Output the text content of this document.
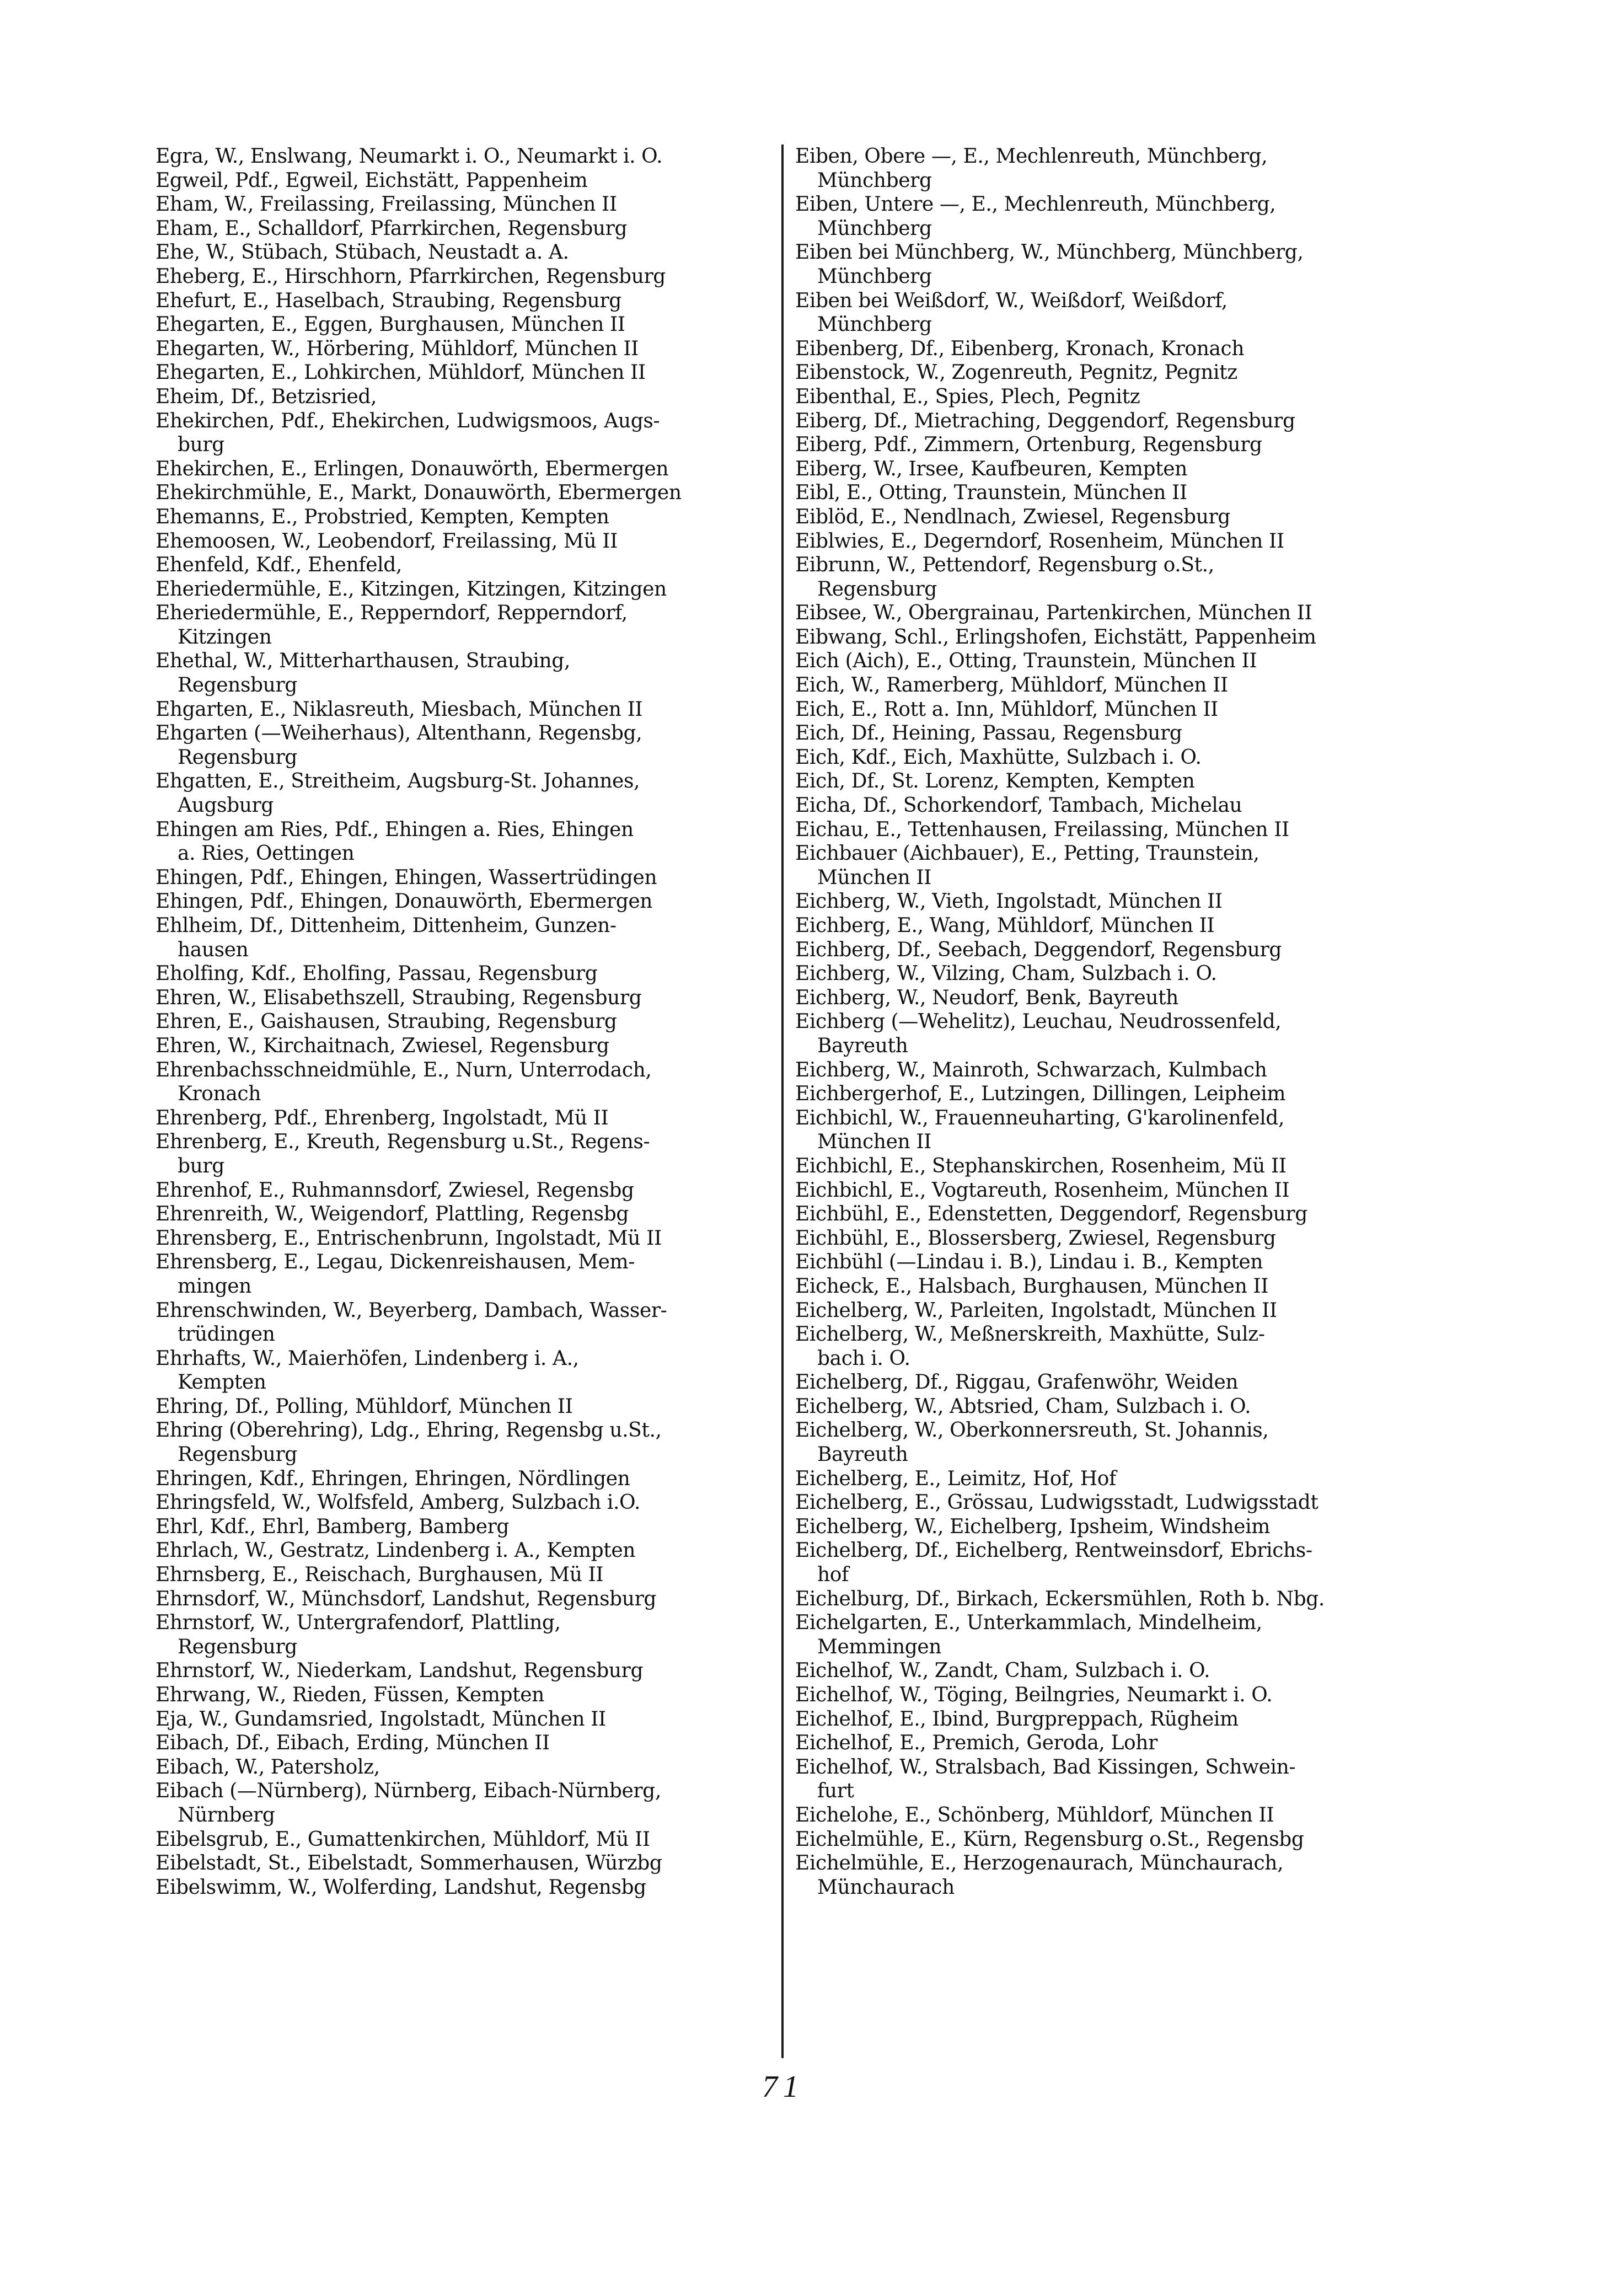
Egra, W., Enslwang, Neumarkt i. O., Neumarkt i. O.
Egweil, Pdf., Egweil, Eichstätt, Pappenheim
Eham, W., Freilassing, Freilassing, München II
Eham, E., Schalldorf, Pfarrkirchen, Regensburg
Ehe, W., Stübach, Stübach, Neustadt a. A.
Eheberg, E., Hirschhorn, Pfarrkirchen, Regensburg
Ehefurt, E., Haselbach, Straubing, Regensburg
Ehegarten, E., Eggen, Burghausen, München II
Ehegarten, W., Hörbering, Mühldorf, München II
Ehegarten, E., Lohkirchen, Mühldorf, München II
Eheim, Df., Betzisried,
Ehekirchen, Pdf., Ehekirchen, Ludwigsmoos, Augs-
burg
Ehekirchen, E., Erlingen, Donauwörth, Ebermergen
Ehekirchmühle, E., Markt, Donauwörth, Ebermergen
Ehemanns, E., Probstried, Kempten, Kempten
Ehemoosen, W., Leobendorf, Freilassing, Mü II
Ehenfeld, Kdf., Ehenfeld,
Eheriedermühle, E., Kitzingen, Kitzingen, Kitzingen
Eheriedermühle, E., Repperndorf, Repperndorf,
Kitzingen
Ehethal, W., Mitterharthausen, Straubing,
Regensburg
Ehgarten, E., Niklasreuth, Miesbach, München II
Ehgarten (—Weiherhaus), Altenthann, Regensbg,
Regensburg
Ehgatten, E., Streitheim, Augsburg-St. Johannes,
Augsburg
Ehingen am Ries, Pdf., Ehingen a. Ries, Ehingen
a. Ries, Oettingen
Ehingen, Pdf., Ehingen, Ehingen, Wassertrüdingen
Ehingen, Pdf., Ehingen, Donauwörth, Ebermergen
Ehlheim, Df., Dittenheim, Dittenheim, Gunzen-
hausen
Eholfing, Kdf., Eholfing, Passau, Regensburg
Ehren, W., Elisabethszell, Straubing, Regensburg
Ehren, E., Gaishausen, Straubing, Regensburg
Ehren, W., Kirchaitnach, Zwiesel, Regensburg
Ehrenbachsschneidmühle, E., Nurn, Unterrodach,
Kronach
Ehrenberg, Pdf., Ehrenberg, Ingolstadt, Mü II
Ehrenberg, E., Kreuth, Regensburg u.St., Regens-
burg
Ehrenhof, E., Ruhmannsdorf, Zwiesel, Regensbg
Ehrenreith, W., Weigendorf, Plattling, Regensbg
Ehrensberg, E., Entrischenbrunn, Ingolstadt, Mü II
Ehrensberg, E., Legau, Dickenreishausen, Mem-
mingen
Ehrenschwinden, W., Beyerberg, Dambach, Wasser-
trüdingen
Ehrhafts, W., Maierhöfen, Lindenberg i. A.,
Kempten
Ehring, Df., Polling, Mühldorf, München II
Ehring (Oberehring), Ldg., Ehring, Regensbg u.St.,
Regensburg
Ehringen, Kdf., Ehringen, Ehringen, Nördlingen
Ehringsfeld, W., Wolfsfeld, Amberg, Sulzbach i.O.
Ehrl, Kdf., Ehrl, Bamberg, Bamberg
Ehrlach, W., Gestratz, Lindenberg i. A., Kempten
Ehrnsberg, E., Reischach, Burghausen, Mü II
Ehrnsdorf, W., Münchsdorf, Landshut, Regensburg
Ehrnstorf, W., Untergrafendorf, Plattling,
Regensburg
Ehrnstorf, W., Niederkam, Landshut, Regensburg
Ehrwang, W., Rieden, Füssen, Kempten
Eja, W., Gundamsried, Ingolstadt, München II
Eibach, Df., Eibach, Erding, München II
Eibach, W., Patersholz,
Eibach (—Nürnberg), Nürnberg, Eibach-Nürnberg,
Nürnberg
Eibelsgrub, E., Gumattenkirchen, Mühldorf, Mü II
Eibelstadt, St., Eibelstadt, Sommerhausen, Würzbg
Eibelswimm, W., Wolferding, Landshut, Regensbg
Eiben, Obere —, E., Mechlenreuth, Münchberg,
Münchberg
Eiben, Untere —, E., Mechlenreuth, Münchberg,
Münchberg
Eiben bei Münchberg, W., Münchberg, Münchberg,
Münchberg
Eiben bei Weißdorf, W., Weißdorf, Weißdorf,
Münchberg
Eibenberg, Df., Eibenberg, Kronach, Kronach
Eibenstock, W., Zogenreuth, Pegnitz, Pegnitz
Eibenthal, E., Spies, Plech, Pegnitz
Eiberg, Df., Mietraching, Deggendorf, Regensburg
Eiberg, Pdf., Zimmern, Ortenburg, Regensburg
Eiberg, W., Irsee, Kaufbeuren, Kempten
Eibl, E., Otting, Traunstein, München II
Eiblöd, E., Nendlnach, Zwiesel, Regensburg
Eiblwies, E., Degerndorf, Rosenheim, München II
Eibrunn, W., Pettendorf, Regensburg o.St.,
Regensburg
Eibsee, W., Obergrainau, Partenkirchen, München II
Eibwang, Schl., Erlingshofen, Eichstätt, Pappenheim
Eich (Aich), E., Otting, Traunstein, München II
Eich, W., Ramerberg, Mühldorf, München II
Eich, E., Rott a. Inn, Mühldorf, München II
Eich, Df., Heining, Passau, Regensburg
Eich, Kdf., Eich, Maxhütte, Sulzbach i. O.
Eich, Df., St. Lorenz, Kempten, Kempten
Eicha, Df., Schorkendorf, Tambach, Michelau
Eichau, E., Tettenhausen, Freilassing, München II
Eichbauer (Aichbauer), E., Petting, Traunstein,
München II
Eichberg, W., Vieth, Ingolstadt, München II
Eichberg, E., Wang, Mühldorf, München II
Eichberg, Df., Seebach, Deggendorf, Regensburg
Eichberg, W., Vilzing, Cham, Sulzbach i. O.
Eichberg, W., Neudorf, Benk, Bayreuth
Eichberg (—Wehelitz), Leuchau, Neudrossenfeld,
Bayreuth
Eichberg, W., Mainroth, Schwarzach, Kulmbach
Eichbergerhof, E., Lutzingen, Dillingen, Leipheim
Eichbichl, W., Frauenneuharting, G'karolinenfeld,
München II
Eichbichl, E., Stephanskirchen, Rosenheim, Mü II
Eichbichl, E., Vogtareuth, Rosenheim, München II
Eichbühl, E., Edenstetten, Deggendorf, Regensburg
Eichbühl, E., Blossersberg, Zwiesel, Regensburg
Eichbühl (—Lindau i. B.), Lindau i. B., Kempten
Eicheck, E., Halsbach, Burghausen, München II
Eichelberg, W., Parleiten, Ingolstadt, München II
Eichelberg, W., Meßnerskreith, Maxhütte, Sulz-
bach i. O.
Eichelberg, Df., Riggau, Grafenwöhr, Weiden
Eichelberg, W., Abtsried, Cham, Sulzbach i. O.
Eichelberg, W., Oberkonnersreuth, St. Johannis,
Bayreuth
Eichelberg, E., Leimitz, Hof, Hof
Eichelberg, E., Grössau, Ludwigsstadt, Ludwigsstadt
Eichelberg, W., Eichelberg, Ipsheim, Windsheim
Eichelberg, Df., Eichelberg, Rentweinsdorf, Ebrichs-
hof
Eichelburg, Df., Birkach, Eckersmühlen, Roth b. Nbg.
Eichelgarten, E., Unterkammlach, Mindelheim,
Memmingen
Eichelhof, W., Zandt, Cham, Sulzbach i. O.
Eichelhof, W., Töging, Beilngries, Neumarkt i. O.
Eichelhof, E., Ibind, Burgpreppach, Rügheim
Eichelhof, E., Premich, Geroda, Lohr
Eichelhof, W., Stralsbach, Bad Kissingen, Schwein-
furt
Eichelohe, E., Schönberg, Mühldorf, München II
Eichelmühle, E., Kürn, Regensburg o.St., Regensbg
Eichelmühle, E., Herzogenaurach, Münchaurach,
Münchaurach
71
